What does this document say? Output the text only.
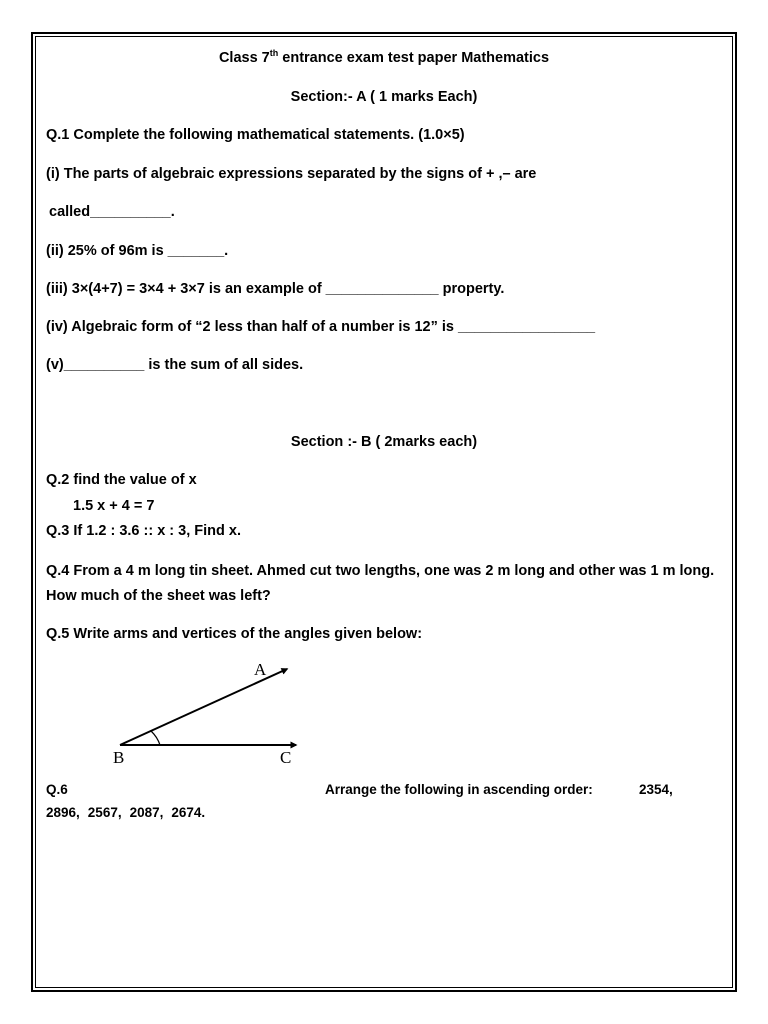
Class 7th entrance exam test paper Mathematics
Section:- A ( 1 marks Each)
Q.1 Complete the following mathematical statements. (1.0×5)
(i) The parts of algebraic expressions separated by the signs of + ,– are
called__________.
(ii) 25% of 96m is _______.
(iii) 3×(4+7) = 3×4 + 3×7 is an example of ______________ property.
(iv) Algebraic form of “2 less than half of a number is 12” is _________________
(v)__________ is the sum of all sides.
Section :- B ( 2marks each)
Q.2 find the value of x
1.5 x + 4 = 7
Q.3 If 1.2 : 3.6 :: x : 3, Find x.
Q.4 From a 4 m long tin sheet. Ahmed cut two lengths, one was 2 m long and other was 1 m long. How much of the sheet was left?
Q.5 Write arms and vertices of the angles given below:
A
B	C
Q.6	Arrange the following in ascending order:	2354,
2896, 2567, 2087, 2674.
